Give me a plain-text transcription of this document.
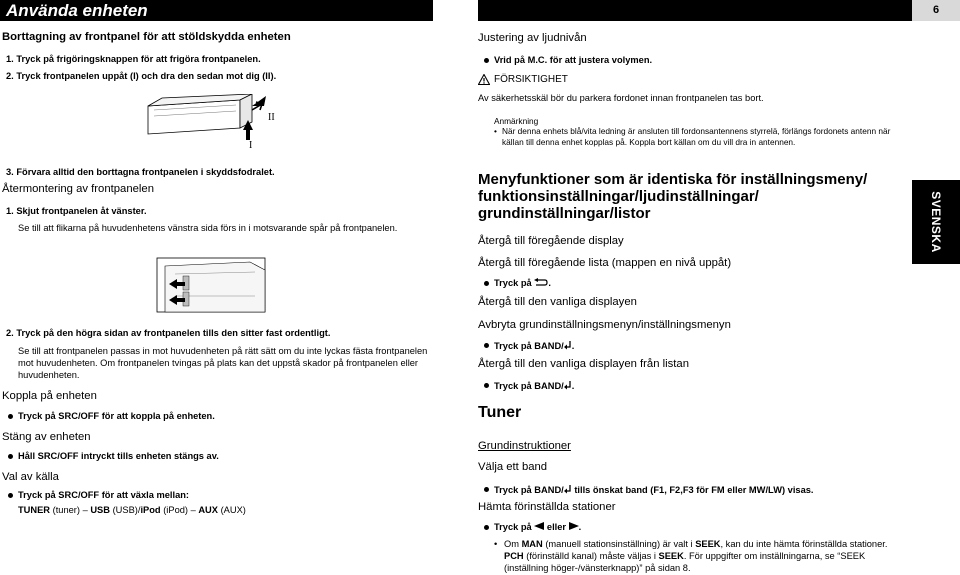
Använda enheten	6
SVENSKA
Borttagning av frontpanel för att stöldskydda enheten
1. Tryck på frigöringsknappen för att frigöra frontpanelen.
2. Tryck frontpanelen uppåt (I) och dra den sedan mot dig (II).
I
II
3. Förvara alltid den borttagna frontpanelen i skyddsfodralet.
Återmontering av frontpanelen
1. Skjut frontpanelen åt vänster.
Se till att flikarna på huvudenhetens vänstra sida förs in i motsvarande spår på frontpanelen.
2. Tryck på den högra sidan av frontpanelen tills den sitter fast ordentligt.
Se till att frontpanelen passas in mot huvudenheten på rätt sätt om du inte lyckas fästa frontpanelen mot huvudenheten. Om frontpanelen tvingas på plats kan det uppstå skador på frontpanelen eller huvudenheten.
Koppla på enheten
Tryck på SRC/OFF för att koppla på enheten.
Stäng av enheten
Håll SRC/OFF intryckt tills enheten stängs av.
Val av källa
Tryck på SRC/OFF för att växla mellan:
TUNER (tuner) – USB (USB)/iPod (iPod) – AUX (AUX)
Justering av ljudnivån
Vrid på M.C. för att justera volymen.
FÖRSIKTIGHET
Av säkerhetsskäl bör du parkera fordonet innan frontpanelen tas bort.
Anmärkning
• När denna enhets blå/vita ledning är ansluten till fordonsantennens styrrelä, förlängs fordonets antenn när källan till denna enhet kopplas på. Koppla bort källan om du vill dra in antennen.
Menyfunktioner som är identiska för inställningsmeny/ funktionsinställningar/ljudinställningar/ grundinställningar/listor
Återgå till föregående display
Återgå till föregående lista (mappen en nivå uppåt)
Tryck på .
Återgå till den vanliga displayen
Avbryta grundinställningsmenyn/inställningsmenyn
Tryck på BAND/ .
Återgå till den vanliga displayen från listan
Tryck på BAND/ .
Tuner
Grundinstruktioner
Välja ett band
Tryck på BAND/ tills önskat band (F1, F2,F3 för FM eller MW/LW) visas.
Hämta förinställda stationer
Tryck på eller .
• Om MAN (manuell stationsinställning) är valt i SEEK, kan du inte hämta förinställda stationer. PCH (förinställd kanal) måste väljas i SEEK. För uppgifter om inställningarna, se “SEEK (inställning höger-/vänsterknapp)” på sidan 8.
